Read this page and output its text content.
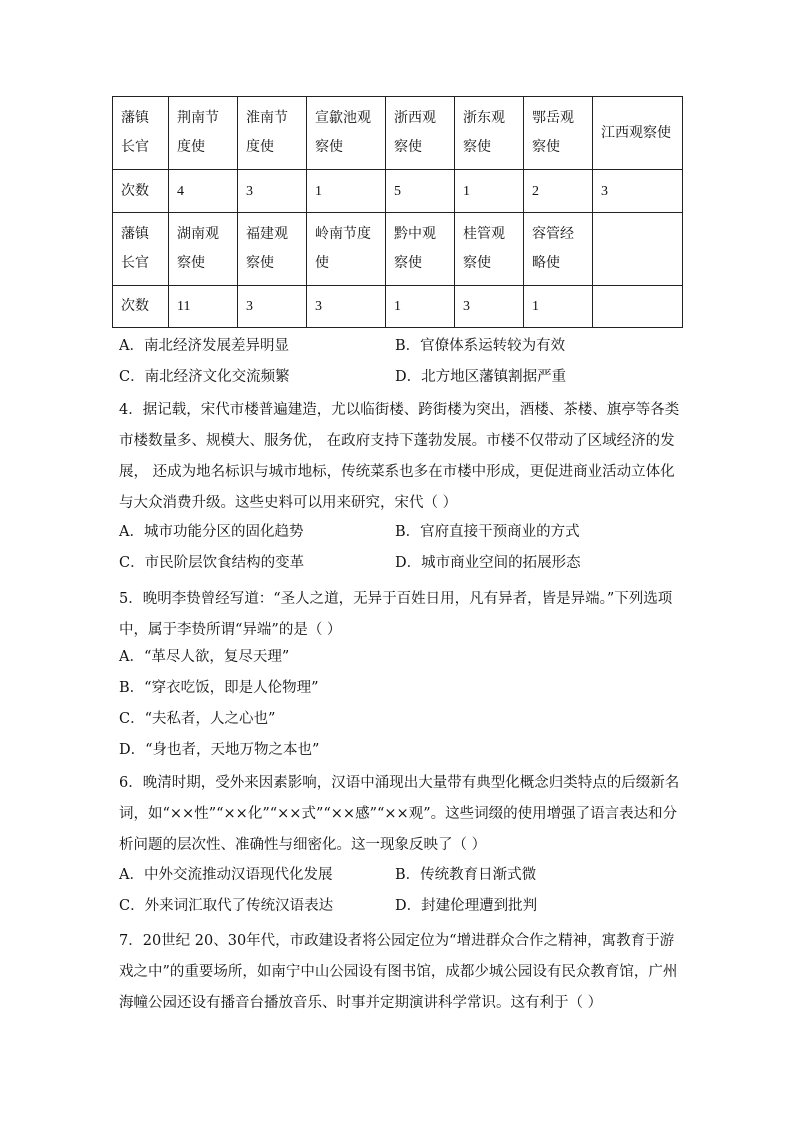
藩镇长官	荆南节度使	淮南节度使	宣歙池观察使	浙西观察使	浙东观察使	鄂岳观察使	江西观察使
次数	4	3	1	5	1	2	3
藩镇长官	湖南观察使	福建观察使	岭南节度使	黔中观察使	桂管观察使	容管经略使	
次数	11	3	3	1	3	1	
A．南北经济发展差异明显	B．官僚体系运转较为有效
C．南北经济文化交流频繁	D．北方地区藩镇割据严重
4．据记载，宋代市楼普遍建造，尤以临街楼、跨街楼为突出，酒楼、茶楼、旗亭等各类市楼数量多、规模大、服务优， 在政府支持下蓬勃发展。市楼不仅带动了区域经济的发展， 还成为地名标识与城市地标，传统菜系也多在市楼中形成，更促进商业活动立体化与大众消费升级。这些史料可以用来研究，宋代（ ）
A．城市功能分区的固化趋势	B．官府直接干预商业的方式
C．市民阶层饮食结构的变革	D．城市商业空间的拓展形态
5．晚明李贽曾经写道：“圣人之道，无异于百姓日用，凡有异者，皆是异端。”下列选项中，属于李贽所谓“异端”的是（ ）
A．“革尽人欲，复尽天理”
B．“穿衣吃饭，即是人伦物理”
C．“夫私者，人之心也”
D．“身也者，天地万物之本也”
6．晚清时期，受外来因素影响，汉语中涌现出大量带有典型化概念归类特点的后缀新名词，如“××性”“××化”“××式”“××感”“××观”。这些词缀的使用增强了语言表达和分析问题的层次性、准确性与细密化。这一现象反映了（ ）
A．中外交流推动汉语现代化发展	B．传统教育日渐式微
C．外来词汇取代了传统汉语表达	D．封建伦理遭到批判
7．20世纪 20、30年代，市政建设者将公园定位为“增进群众合作之精神，寓教育于游戏之中”的重要场所，如南宁中山公园设有图书馆，成都少城公园设有民众教育馆，广州海幢公园还设有播音台播放音乐、时事并定期演讲科学常识。这有利于（ ）
